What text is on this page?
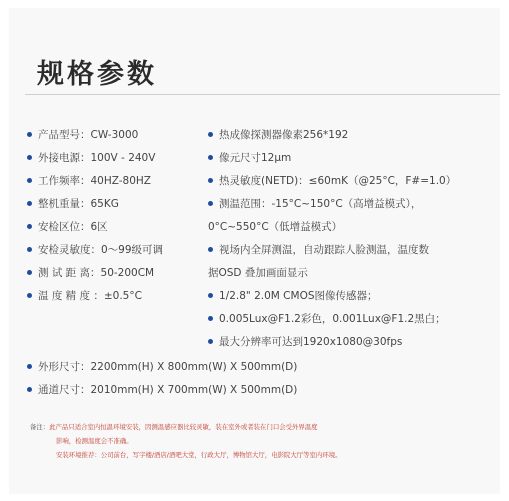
规格参数
产品型号：CW-3000
外接电源：100V - 240V
工作频率：40HZ-80HZ
整机重量：65KG
安检区位：6区
安检灵敏度：0～99级可调
测 试 距 离：50-200CM
温 度 精 度 ：±0.5°C
热成像探测器像素256*192
像元尺寸12μm
热灵敏度(NETD)：≤60mK（@25°C，F#=1.0）
测温范围：-15°C~150°C（高增益模式），
0°C~550°C（低增益模式）
视场内全屏测温，自动跟踪人脸测温，温度数
据OSD 叠加画面显示
1/2.8" 2.0M CMOS图像传感器；
0.005Lux@F1.2彩色，0.001Lux@F1.2黑白；
最大分辨率可达到1920x1080@30fps
外形尺寸：2200mm(H) X 800mm(W) X 500mm(D)
通道尺寸：2010mm(H) X 700mm(W) X 500mm(D)
备注：此产品只适合室内恒温环境安装，因测温感应器比较灵敏，装在室外或者装在门口会受外界温度
影响，检测温度会不准确。
安装环境推荐：公司前台，写字楼/酒店/酒吧大堂，行政大厅，博物馆大厅，电影院大厅等室内环境。
